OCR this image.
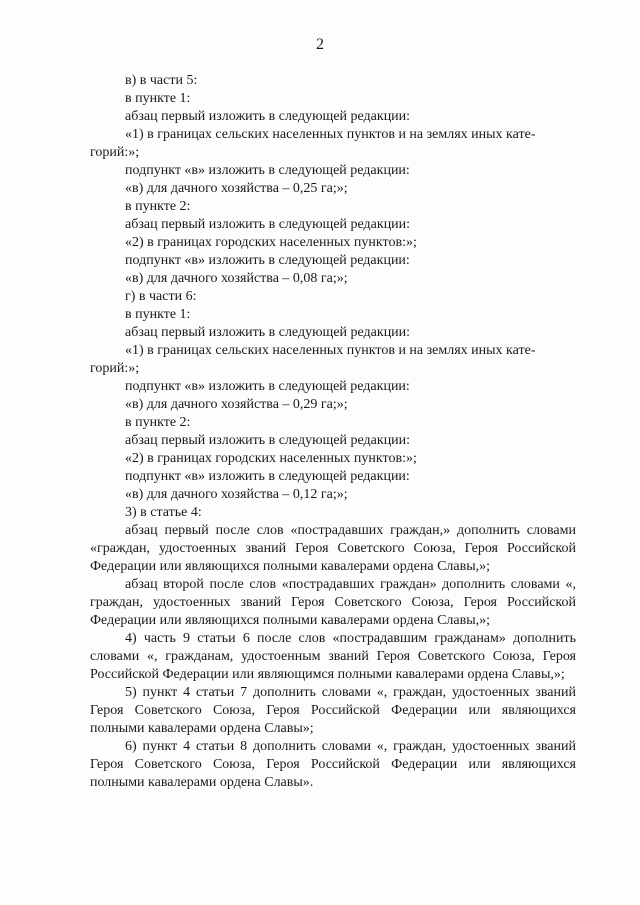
2

в) в части 5:

в пункте 1:

абзац первый изложить в следующей редакции:

«1) в границах сельских населенных пунктов и на землях иных кате-

горий:»;

подпункт «в» изложить в следующей редакции:

«в) для дачного хозяйства – 0,25 га;»;

в пункте 2:

абзац первый изложить в следующей редакции:

«2) в границах городских населенных пунктов:»;

подпункт «в» изложить в следующей редакции:

«в) для дачного хозяйства – 0,08 га;»;

г) в части 6:

в пункте 1:

абзац первый изложить в следующей редакции:

«1) в границах сельских населенных пунктов и на землях иных кате-

горий:»;

подпункт «в» изложить в следующей редакции:

«в) для дачного хозяйства – 0,29 га;»;

в пункте 2:

абзац первый изложить в следующей редакции:

«2) в границах городских населенных пунктов:»;

подпункт «в» изложить в следующей редакции:

«в) для дачного хозяйства – 0,12 га;»;

3) в статье 4:

абзац первый после слов «пострадавших граждан,» дополнить словами «граждан, удостоенных званий Героя Советского Союза, Героя Российской Федерации или являющихся полными кавалерами ордена Славы,»;

абзац второй после слов «пострадавших граждан» дополнить словами «, граждан, удостоенных званий Героя Советского Союза, Героя Российской Федерации или являющихся полными кавалерами ордена Славы,»;

4) часть 9 статьи 6 после слов «пострадавшим гражданам» дополнить словами «, гражданам, удостоенным званий Героя Советского Союза, Героя Российской Федерации или являющимся полными кавалерами ордена Славы,»;

5) пункт 4 статьи 7 дополнить словами «, граждан, удостоенных званий Героя Советского Союза, Героя Российской Федерации или являющихся полными кавалерами ордена Славы»;

6) пункт 4 статьи 8 дополнить словами «, граждан, удостоенных званий Героя Советского Союза, Героя Российской Федерации или являющихся полными кавалерами ордена Славы».
